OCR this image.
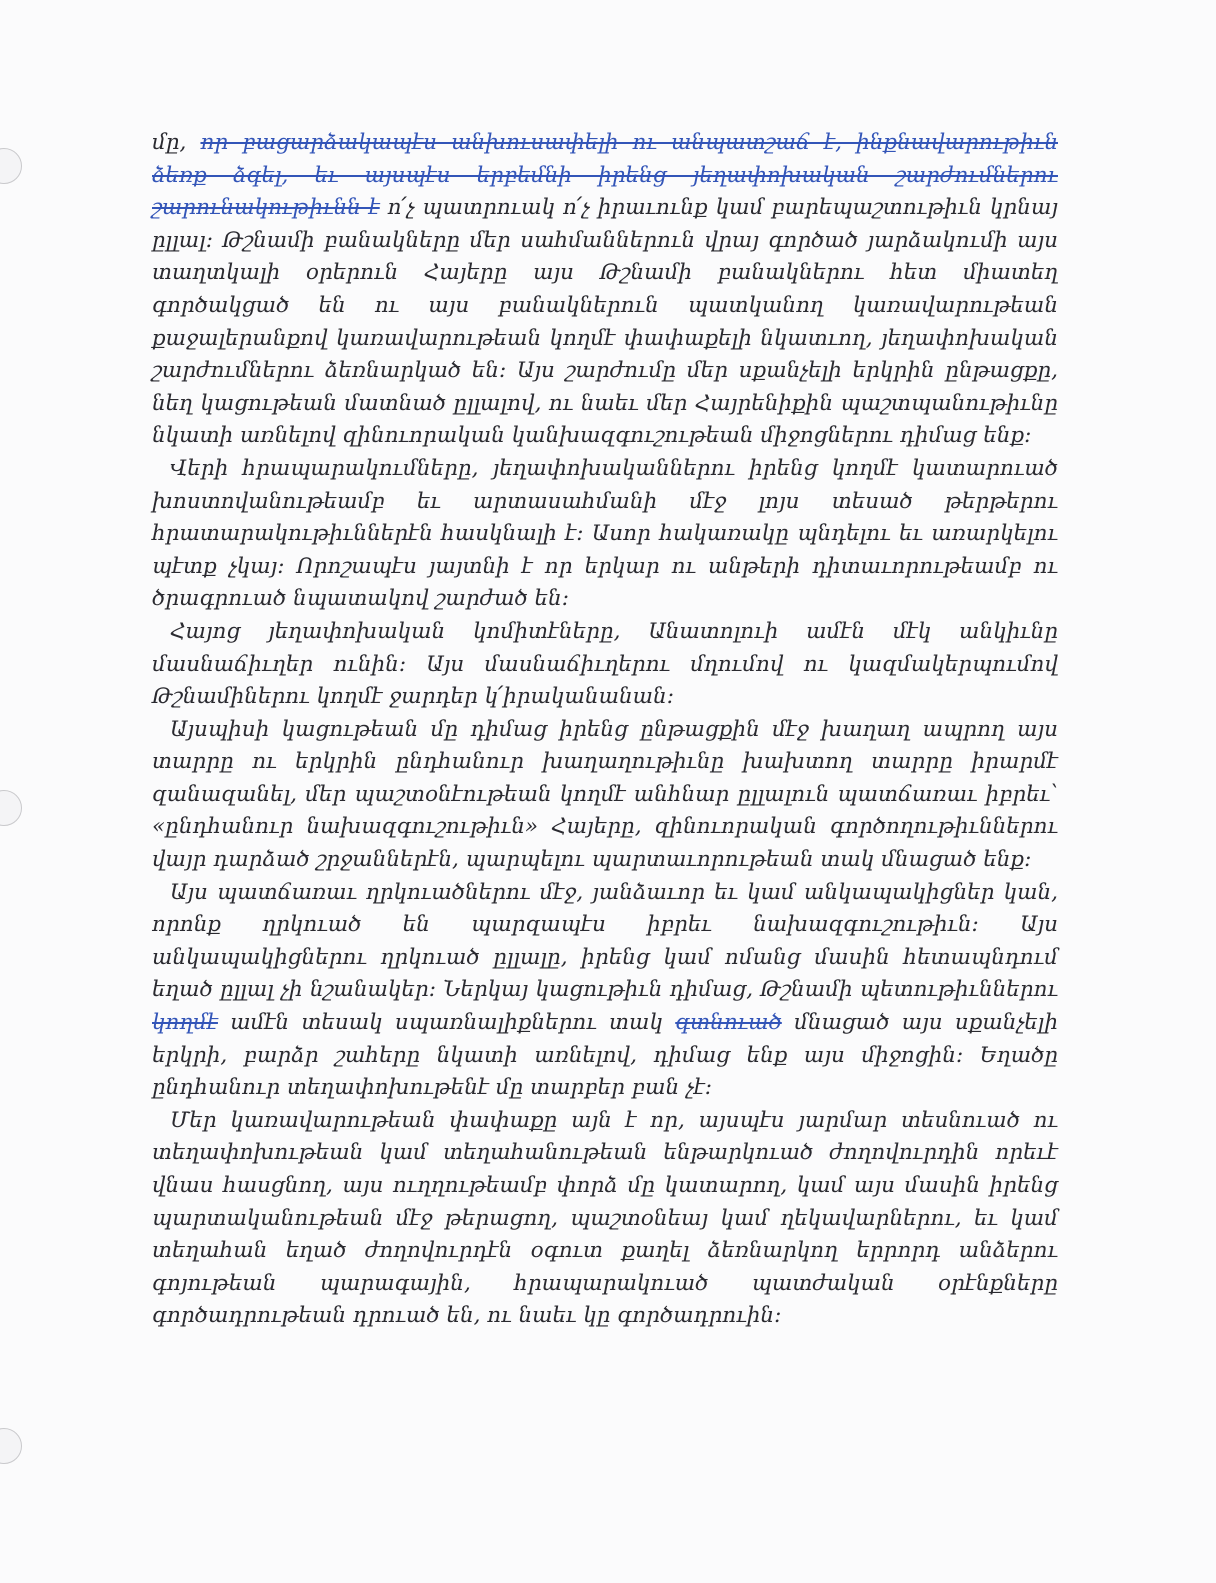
մը, որ բացարձակապէս անխուսափելի ու անպատշաճ է, ինքնավարութիւն ձեռք ձգել, եւ այսպէս երբեմնի իրենց յեղափոխական շարժումներու շարունակութիւնն է ո՛չ պատրուակ ո՛չ իրաւունք կամ բարեպաշտութիւն կրնայ ըլլալ: Թշնամի բանակները մեր սահմաններուն վրայ գործած յարձակումի այս տաղտկալի օրերուն Հայերը այս Թշնամի բանակներու հետ միատեղ գործակցած են ու այս բանակներուն պատկանող կառավարութեան քաջալերանքով կառավարութեան կողմէ փափաքելի նկատւող, յեղափոխական շարժումներու ձեռնարկած են: Այս շարժումը մեր սքանչելի երկրին ընթացքը, նեղ կացութեան մատնած ըլլալով, ու նաեւ մեր Հայրենիքին պաշտպանութիւնը նկատի առնելով զինուորական կանխազգուշութեան միջոցներու դիմաց ենք:

Վերի հրապարակումները, յեղափոխականներու իրենց կողմէ կատարուած խոստովանութեամբ եւ արտասահմանի մէջ լոյս տեսած թերթերու հրատարակութիւններէն հասկնալի է: Ասոր հակառակը պնդելու եւ առարկելու պէտք չկայ: Որոշապէս յայտնի է որ երկար ու անթերի դիտաւորութեամբ ու ծրագրուած նպատակով շարժած են:

Հայոց յեղափոխական կոմիտէները, Անատոլուի ամէն մէկ անկիւնը մասնաճիւղեր ունին: Այս մասնաճիւղերու մղումով ու կազմակերպումով Թշնամիներու կողմէ ջարդեր կ՛իրականանան:

Այսպիսի կացութեան մը դիմաց իրենց ընթացքին մէջ խաղաղ ապրող այս տարրը ու երկրին ընդհանուր խաղաղութիւնը խախտող տարրը իրարմէ զանազանել, մեր պաշտօնէութեան կողմէ անհնար ըլլալուն պատճառաւ իբրեւ՝ «ընդհանուր նախազգուշութիւն» Հայերը, զինուորական գործողութիւններու վայր դարձած շրջաններէն, պարպելու պարտաւորութեան տակ մնացած ենք:

Այս պատճառաւ ղրկուածներու մէջ, յանձաւոր եւ կամ անկապակիցներ կան, որոնք ղրկուած են պարզապէս իբրեւ նախազգուշութիւն: Այս անկապակիցներու ղրկուած ըլլալը, իրենց կամ ոմանց մասին հետապնդում եղած ըլլալ չի նշանակեր: Ներկայ կացութիւն դիմաց, Թշնամի պետութիւններու կողմէ ամէն տեսակ սպառնալիքներու տակ գտնուած մնացած այս սքանչելի երկրի, բարձր շահերը նկատի առնելով, դիմաց ենք այս միջոցին: Եղածը ընդհանուր տեղափոխութենէ մը տարբեր բան չէ:

Մեր կառավարութեան փափաքը այն է որ, այսպէս յարմար տեսնուած ու տեղափոխութեան կամ տեղահանութեան ենթարկուած ժողովուրդին որեւէ վնաս հասցնող, այս ուղղութեամբ փորձ մը կատարող, կամ այս մասին իրենց պարտականութեան մէջ թերացող, պաշտօնեայ կամ ղեկավարներու, եւ կամ տեղահան եղած ժողովուրդէն օգուտ քաղել ձեռնարկող երրորդ անձերու գոյութեան պարագային, հրապարակուած պատժական օրէնքները գործադրութեան դրուած են, ու նաեւ կը գործադրուին:
